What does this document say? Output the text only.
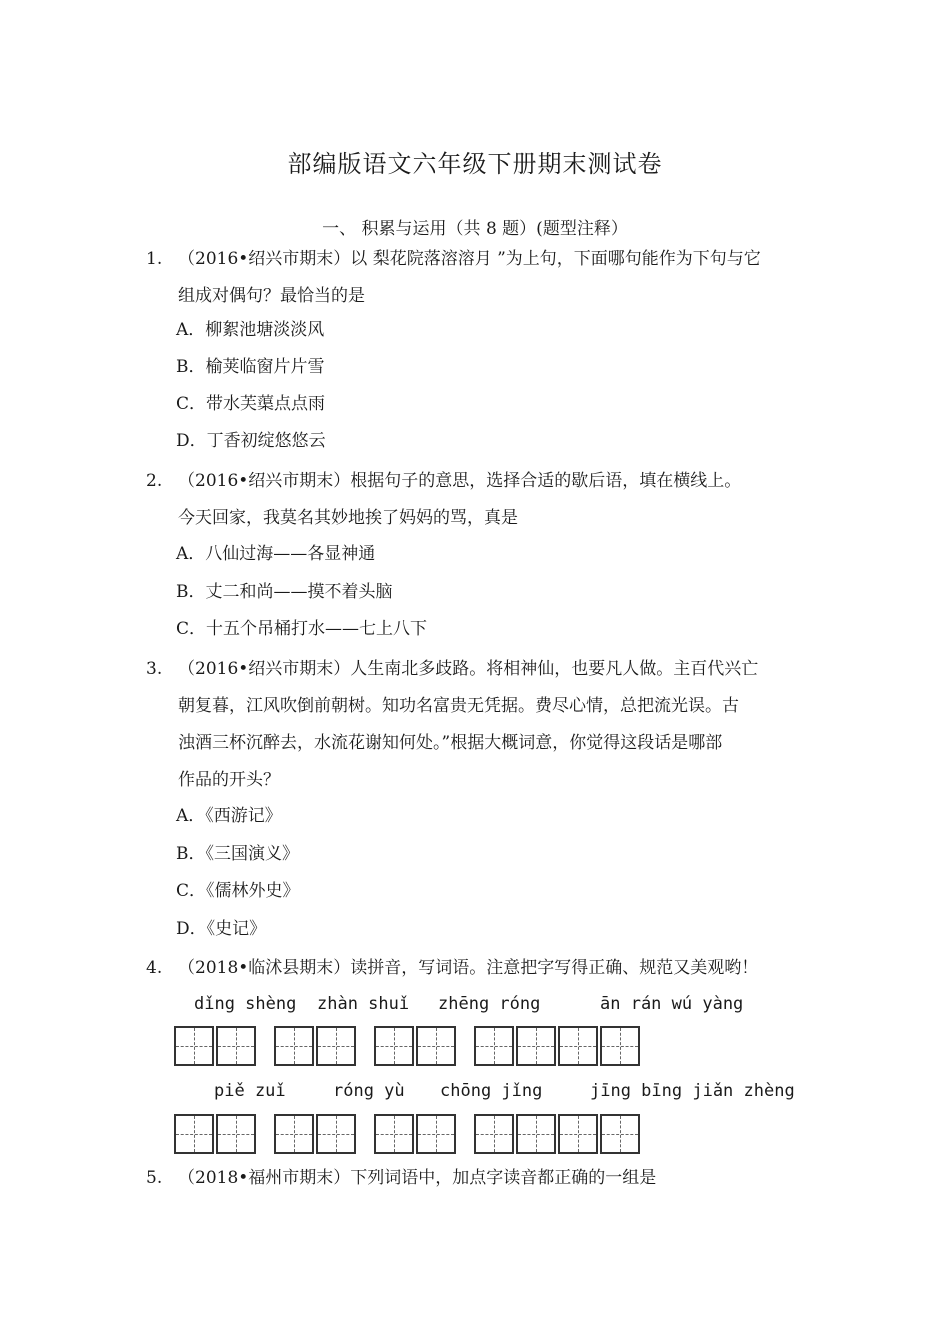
部编版语文六年级下册期末测试卷
一、 积累与运用（共 8 题）(题型注释）
1. （2016•绍兴市期末）以 梨花院落溶溶月 ”为上句，下面哪句能作为下句与它
组成对偶句？最恰当的是
A．柳絮池塘淡淡风
B．榆荚临窗片片雪
C．带水芙蕖点点雨
D．丁香初绽悠悠云
2. （2016•绍兴市期末）根据句子的意思，选择合适的歇后语，填在横线上。
今天回家，我莫名其妙地挨了妈妈的骂，真是
A．八仙过海——各显神通
B．丈二和尚——摸不着头脑
C．十五个吊桶打水——七上八下
3. （2016•绍兴市期末）人生南北多歧路。将相神仙，也要凡人做。主百代兴亡
朝复暮，江风吹倒前朝树。知功名富贵无凭据。费尽心情，总把流光误。古
浊酒三杯沉醉去，水流花谢知何处。”根据大概词意，你觉得这段话是哪部
作品的开头？
A．《西游记》
B．《三国演义》
C．《儒林外史》
D．《史记》
4. （2018•临沭县期末）读拼音，写词语。注意把字写得正确、规范又美观哟！
dǐng shèng zhàn shuǐ zhēng róng	ān rán wú yàng
piě zuǐ	róng yù chōng jǐng	jīng bīng jiǎn zhèng
5. （2018•福州市期末）下列词语中，加点字读音都正确的一组是
